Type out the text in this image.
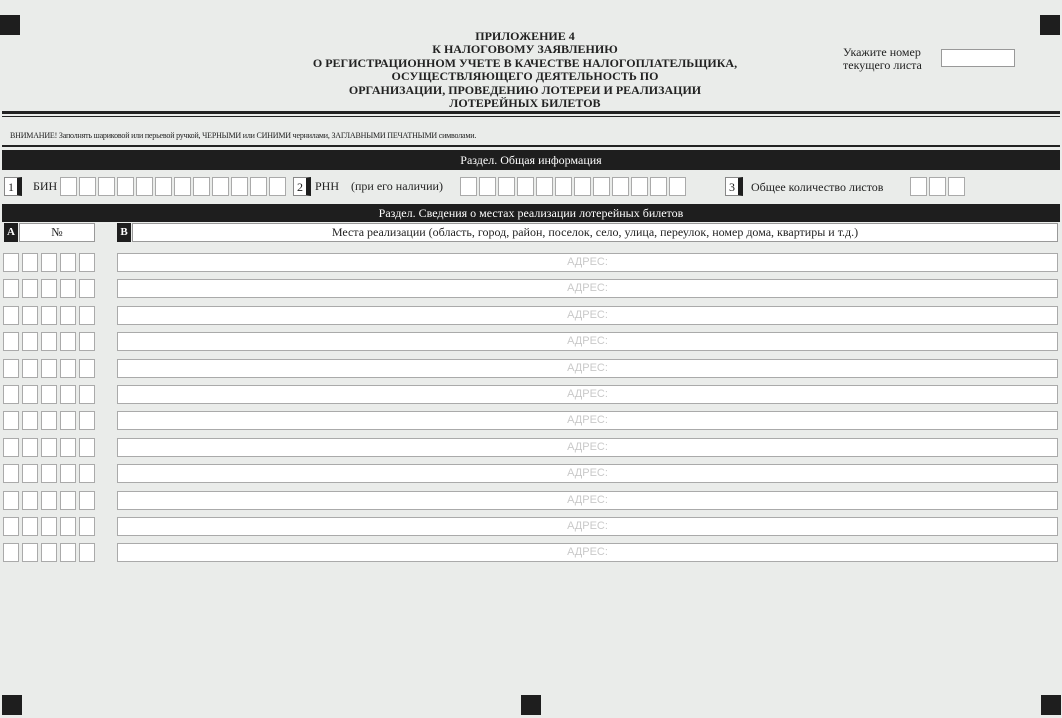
ПРИЛОЖЕНИЕ 4
К НАЛОГОВОМУ ЗАЯВЛЕНИЮ
О РЕГИСТРАЦИОННОМ УЧЕТЕ В КАЧЕСТВЕ НАЛОГОПЛАТЕЛЬЩИКА,
ОСУЩЕСТВЛЯЮЩЕГО ДЕЯТЕЛЬНОСТЬ ПО
ОРГАНИЗАЦИИ, ПРОВЕДЕНИЮ ЛОТЕРЕИ И РЕАЛИЗАЦИИ
ЛОТЕРЕЙНЫХ БИЛЕТОВ
Укажите номер
текущего листа
ВНИМАНИЕ! Заполнять шариковой или перьевой ручкой, ЧЕРНЫМИ или СИНИМИ чернилами, ЗАГЛАВНЫМИ ПЕЧАТНЫМИ символами.
Раздел. Общая информация
1	БИН	2	РНН    (при его наличии)	3	Общее количество листов
Раздел. Сведения о местах реализации лотерейных билетов
A	№	B	Места реализации (область, город, район, поселок, село, улица, переулок, номер дома, квартиры и т.д.)
АДРЕС:
АДРЕС:
АДРЕС:
АДРЕС:
АДРЕС:
АДРЕС:
АДРЕС:
АДРЕС:
АДРЕС:
АДРЕС:
АДРЕС:
АДРЕС:
